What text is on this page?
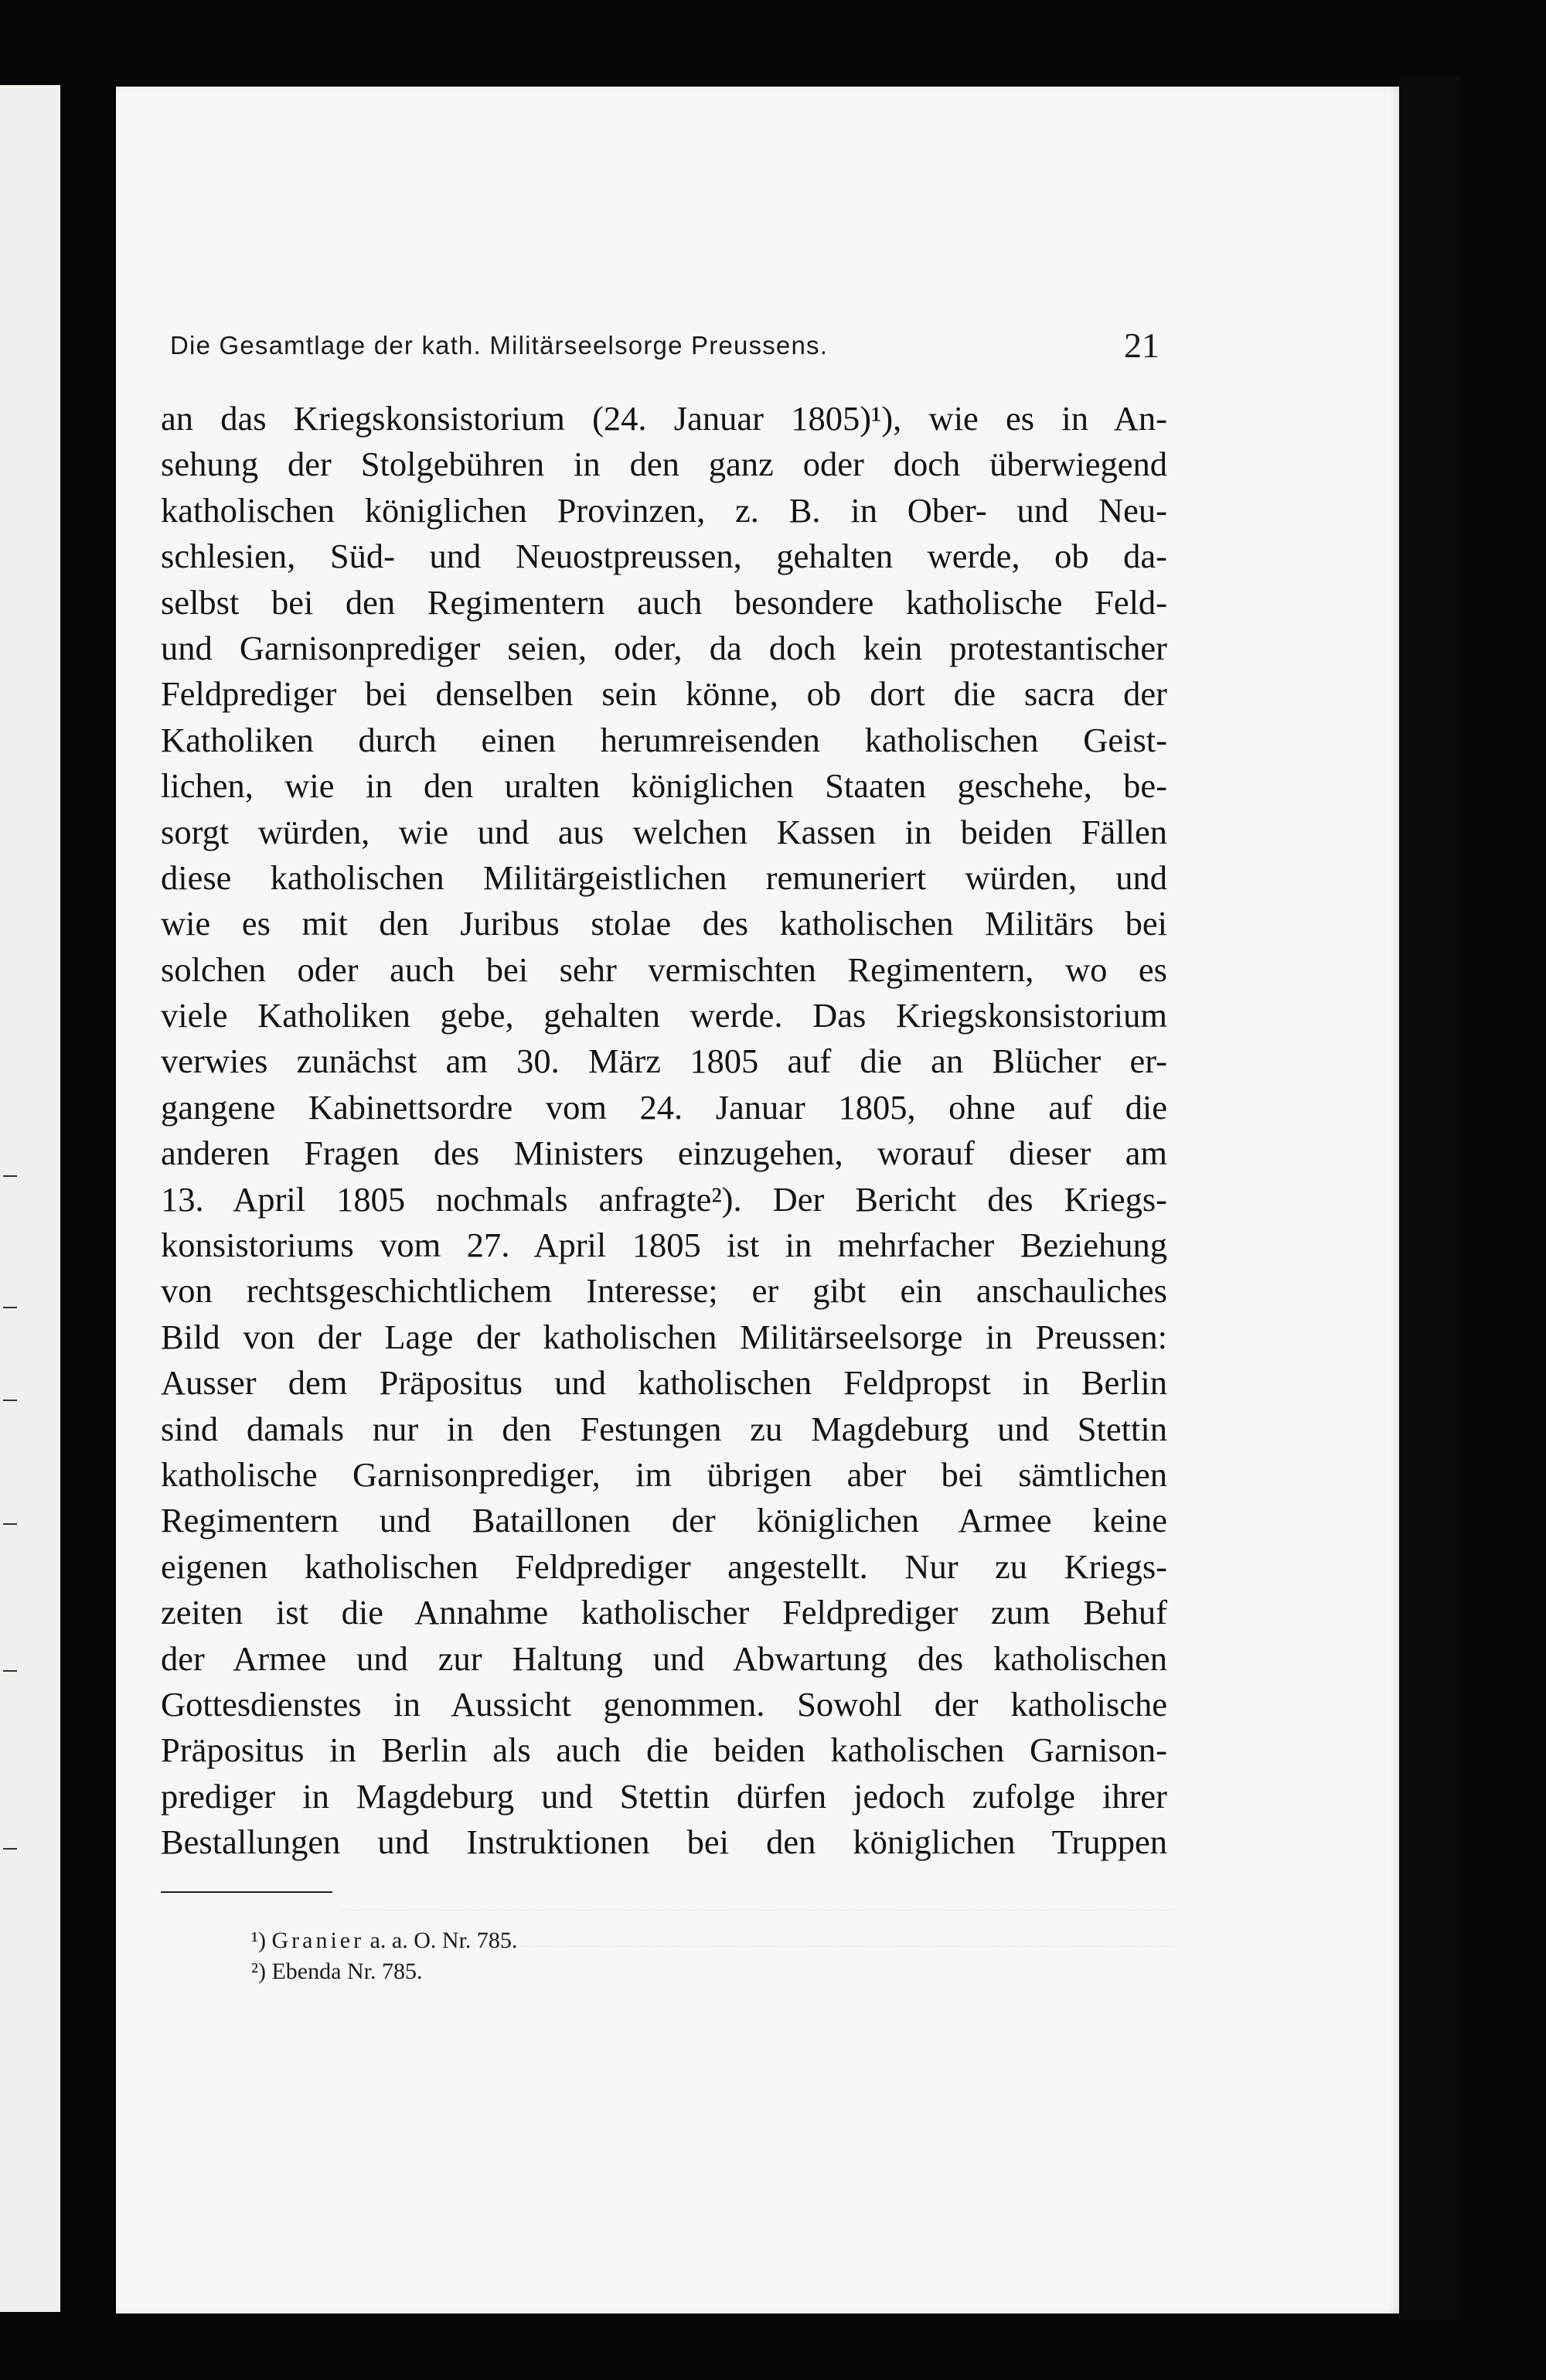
Die Gesamtlage der kath. Militärseelsorge Preussens.	21
an das Kriegskonsistorium (24. Januar 1805)¹), wie es in An-
sehung der Stolgebühren in den ganz oder doch überwiegend
katholischen königlichen Provinzen, z. B. in Ober- und Neu-
schlesien, Süd- und Neuostpreussen, gehalten werde, ob da-
selbst bei den Regimentern auch besondere katholische Feld-
und Garnisonprediger seien, oder, da doch kein protestantischer
Feldprediger bei denselben sein könne, ob dort die sacra der
Katholiken durch einen herumreisenden katholischen Geist-
lichen, wie in den uralten königlichen Staaten geschehe, be-
sorgt würden, wie und aus welchen Kassen in beiden Fällen
diese katholischen Militärgeistlichen remuneriert würden, und
wie es mit den Juribus stolae des katholischen Militärs bei
solchen oder auch bei sehr vermischten Regimentern, wo es
viele Katholiken gebe, gehalten werde. Das Kriegskonsistorium
verwies zunächst am 30. März 1805 auf die an Blücher er-
gangene Kabinettsordre vom 24. Januar 1805, ohne auf die
anderen Fragen des Ministers einzugehen, worauf dieser am
13. April 1805 nochmals anfragte²). Der Bericht des Kriegs-
konsistoriums vom 27. April 1805 ist in mehrfacher Beziehung
von rechtsgeschichtlichem Interesse; er gibt ein anschauliches
Bild von der Lage der katholischen Militärseelsorge in Preussen:
Ausser dem Präpositus und katholischen Feldpropst in Berlin
sind damals nur in den Festungen zu Magdeburg und Stettin
katholische Garnisonprediger, im übrigen aber bei sämtlichen
Regimentern und Bataillonen der königlichen Armee keine
eigenen katholischen Feldprediger angestellt. Nur zu Kriegs-
zeiten ist die Annahme katholischer Feldprediger zum Behuf
der Armee und zur Haltung und Abwartung des katholischen
Gottesdienstes in Aussicht genommen. Sowohl der katholische
Präpositus in Berlin als auch die beiden katholischen Garnison-
prediger in Magdeburg und Stettin dürfen jedoch zufolge ihrer
Bestallungen und Instruktionen bei den königlichen Truppen
¹) Granier a. a. O. Nr. 785.
²) Ebenda Nr. 785.
